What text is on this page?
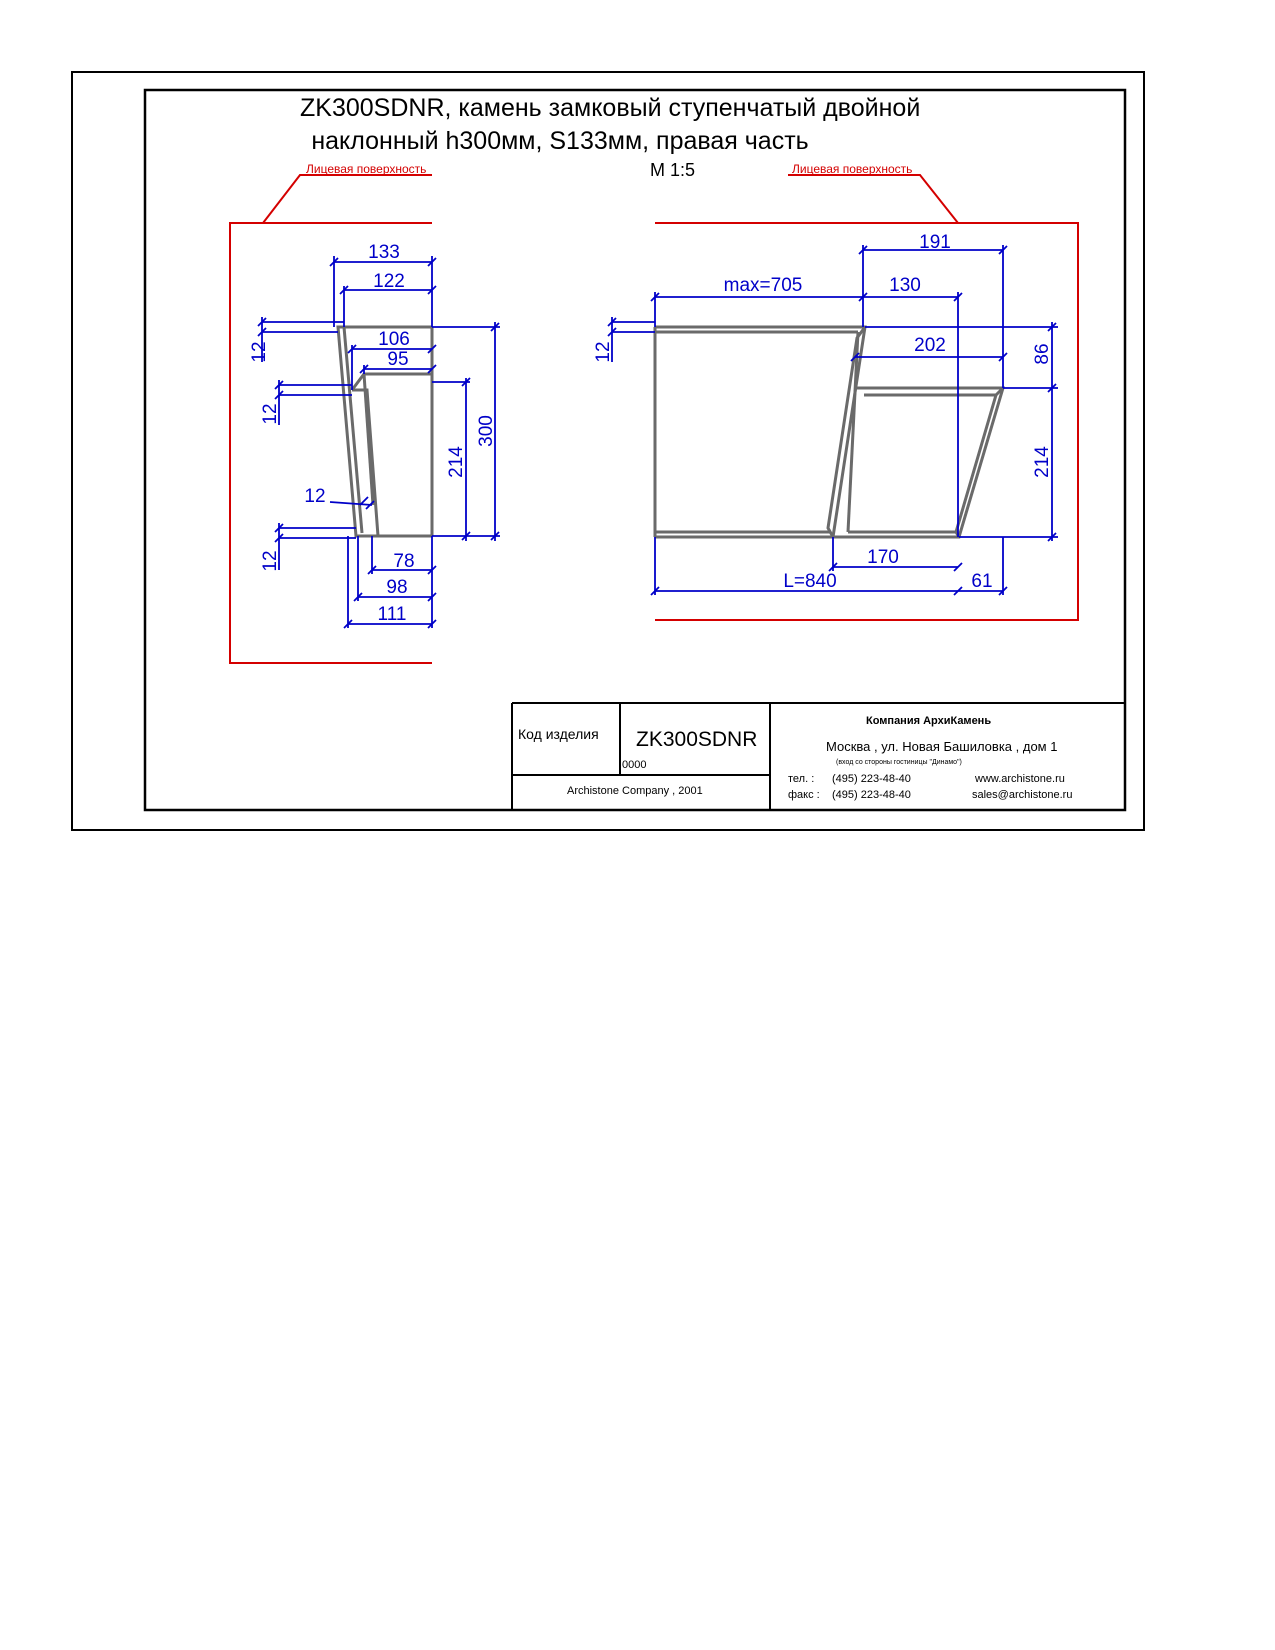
ZK300SDNR, камень замковый ступенчатый двойной
наклонный h300мм, S133мм, правая часть
M 1:5
Лицевая поверхность	Лицевая поверхность
133
122
106
95
12
12
12
12
214
300
78
98
111
191
max=705	130
202	86
12
214
170
L=840	61
Код изделия ZK300SDNR
0000
Archistone Company , 2001
Компания АрхиКамень
Москва , ул. Новая Башиловка , дом 1
(вход со стороны гостиницы "Динамо")
тел. : (495) 223-48-40
факс : (495) 223-48-40
www.archistone.ru
sales@archistone.ru
